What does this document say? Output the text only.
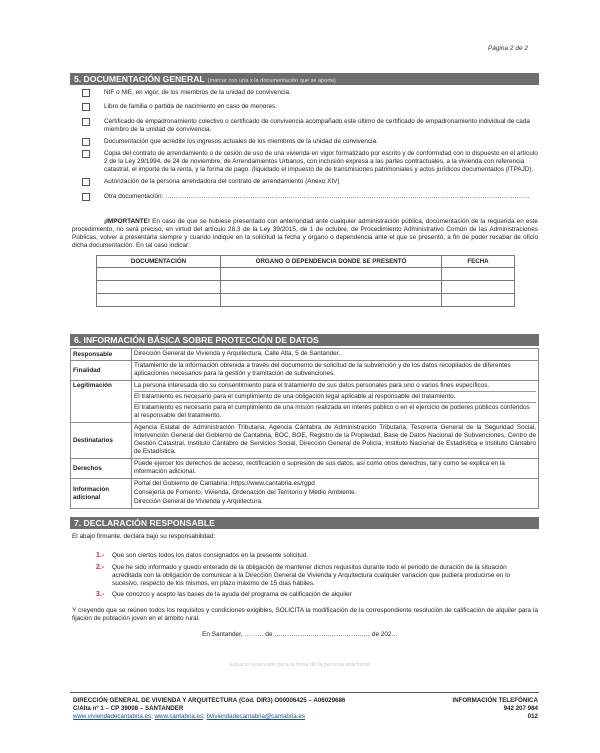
Página 2 de 2
5. DOCUMENTACIÓN GENERAL (marcar con una x la documentación que se aporta)
NIF o NIE, en vigor, de los miembros de la unidad de convivencia.
Libro de familia o partida de nacimiento en caso de menores.
Certificado de empadronamiento colectivo o certificado de convivencia acompañado este último de certificado de empadronamiento individual de cada miembro de la unidad de convivencia.
Documentación que acredite los ingresos actuales de los miembros de la unidad de convivencia.
Copia del contrato de arrendamiento o de cesión de uso de una vivienda en vigor formalizado por escrito y de conformidad con lo dispuesto en el artículo 2 de la Ley 29/1994, de 24 de noviembre, de Arrendamientos Urbanos, con inclusión expresa a las partes contractuales, a la vivienda con referencia catastral, el importe de la renta, y la forma de pago. (liquidado el impuesto de de transmisiones patrimoniales y actos jurídicos documentados (ITPAJD).
Autorización de la persona arrendadora del contrato de arrendamiento (Anexo XIV)
Otra documentación: ………………………………………………………………………………………………………………………………………………………
¡IMPORTANTE! En caso de que se hubiese presentado con anterioridad ante cualquier administración pública, documentación de la requerida en este procedimiento, no será preciso, en virtud del artículo 28.3 de la Ley 39/2015, de 1 de octubre, de Procedimiento Administrativo Común de las Administraciones Públicas, volver a presentarla siempre y cuando indique en la solicitud la fecha y órgano o dependencia ante el que se presentó, a fin de poder recabar de oficio dicha documentación. En tal caso indicar:
DOCUMENTACIÓN	ORGANO O DEPENDENCIA DONDE SE PRESENTÓ	FECHA

6. INFORMACIÓN BÁSICA SOBRE PROTECCIÓN DE DATOS
Responsable	Dirección General de Vivienda y Arquitectura, Calle Alta, 5 de Santander.

Finalidad	Tratamiento de la información obtenida a través del documento de solicitud de la subvención y de los datos recopilados de diferentes aplicaciones necesarios para la gestión y tramitación de subvenciones.

Legitimación	La persona interesada dio su consentimiento para el tratamiento de sus datos personales para uno o varios fines específicos.

El tratamiento es necesario para el cumplimiento de una obligación legal aplicable al responsable del tratamiento.

El tratamiento es necesario para el cumplimiento de una misión realizada en interés público o en el ejercicio de poderes públicos conferidos al responsable del tratamiento.

Destinatarios	Agencia Estatal de Administración Tributaria, Agencia Cántabra de Administración Tributaria, Tesorería General de la Seguridad Social, Intervención General del Gobierno de Cantabria, BOC, BOE, Registro de la Propiedad, Base de Datos Nacional de Subvenciones, Centro de Gestión Catastral, Instituto Cántabro de Servicios Social, Dirección General de Policía, Instituto Nacional de Estadística e Instituto Cántabro de Estadística.

Derechos	Puede ejercer los derechos de acceso, rectificación o supresión de sus datos, así como otros derechos, tal y como se explica en la información adicional.

Información adicional	Portal del Gobierno de Cantabria: https://www.cantabria.es/rgpd

Consejería de Fomento, Vivienda, Ordenación del Territorio y Medio Ambiente.

Dirección General de Vivienda y Arquitectura.

7. DECLARACIÓN RESPONSABLE
El abajo firmante, declara bajo su responsabilidad:
1.- Que son ciertos todos los datos consignados en la presente solicitud.
2.- Que he sido informado y quedo enterado de la obligación de mantener dichos requisitos durante todo el periodo de duración de la situación acreditada con la obligación de comunicar a la Dirección General de Vivienda y Arquitectura cualquier variación que pudiera producirse en lo sucesivo, respecto de los mismos, en plazo máximo de 15 días hábiles.
3.- Que conozco y acepto las bases de la ayuda del programa de calificación de alquiler
Y creyendo que se reúnen todos los requisitos y condiciones exigibles, SOLICITA la modificación de la correspondiente resolución de calificación de alquiler para la fijación de población joven en el ámbito rural.
En Santander, ……… de ……………………………………… de 202…
Espacio reservado para la firma de la persona solicitante
DIRECCIÓN GENERAL DE VIVIENDA Y ARQUITECTURA (Cód. DIR3) O00006425 – A06029686
C/Alta nº 1 – CP 39008 – SANTANDER
www.viviendadecantabria.es; www.cantabria.es; bviviendadecantabria@cantabria.es
INFORMACIÓN TELEFÓNICA
942 207 984
012
